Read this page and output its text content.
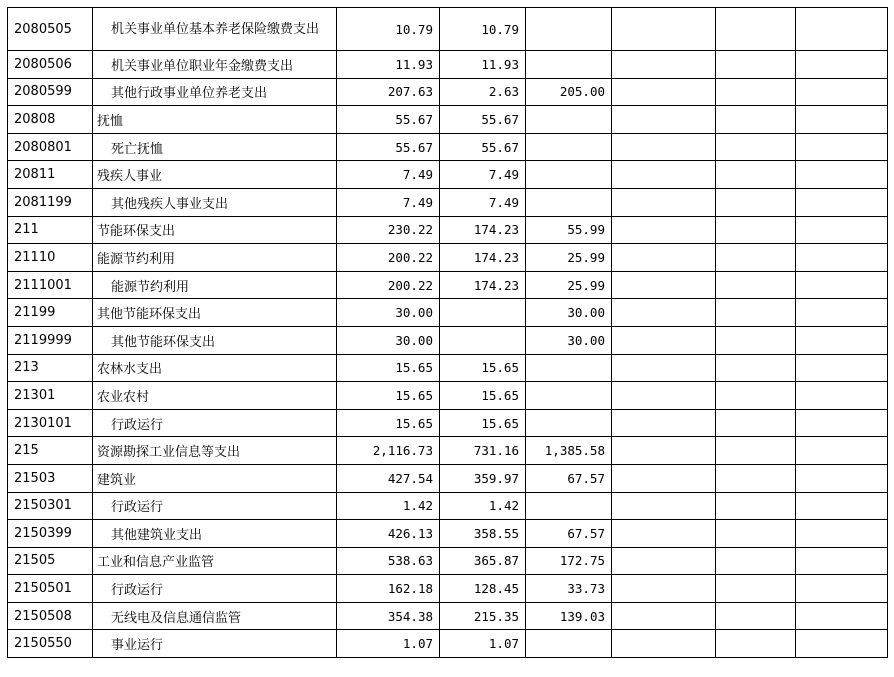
2080505	机关事业单位基本养老保险缴费支出	10.79	10.79				
2080506	机关事业单位职业年金缴费支出	11.93	11.93				
2080599	其他行政事业单位养老支出	207.63	2.63	205.00			
20808	抚恤	55.67	55.67				
2080801	死亡抚恤	55.67	55.67				
20811	残疾人事业	7.49	7.49				
2081199	其他残疾人事业支出	7.49	7.49				
211	节能环保支出	230.22	174.23	55.99			
21110	能源节约利用	200.22	174.23	25.99			
2111001	能源节约利用	200.22	174.23	25.99			
21199	其他节能环保支出	30.00		30.00			
2119999	其他节能环保支出	30.00		30.00			
213	农林水支出	15.65	15.65				
21301	农业农村	15.65	15.65				
2130101	行政运行	15.65	15.65				
215	资源勘探工业信息等支出	2,116.73	731.16	1,385.58			
21503	建筑业	427.54	359.97	67.57			
2150301	行政运行	1.42	1.42				
2150399	其他建筑业支出	426.13	358.55	67.57			
21505	工业和信息产业监管	538.63	365.87	172.75			
2150501	行政运行	162.18	128.45	33.73			
2150508	无线电及信息通信监管	354.38	215.35	139.03			
2150550	事业运行	1.07	1.07				
